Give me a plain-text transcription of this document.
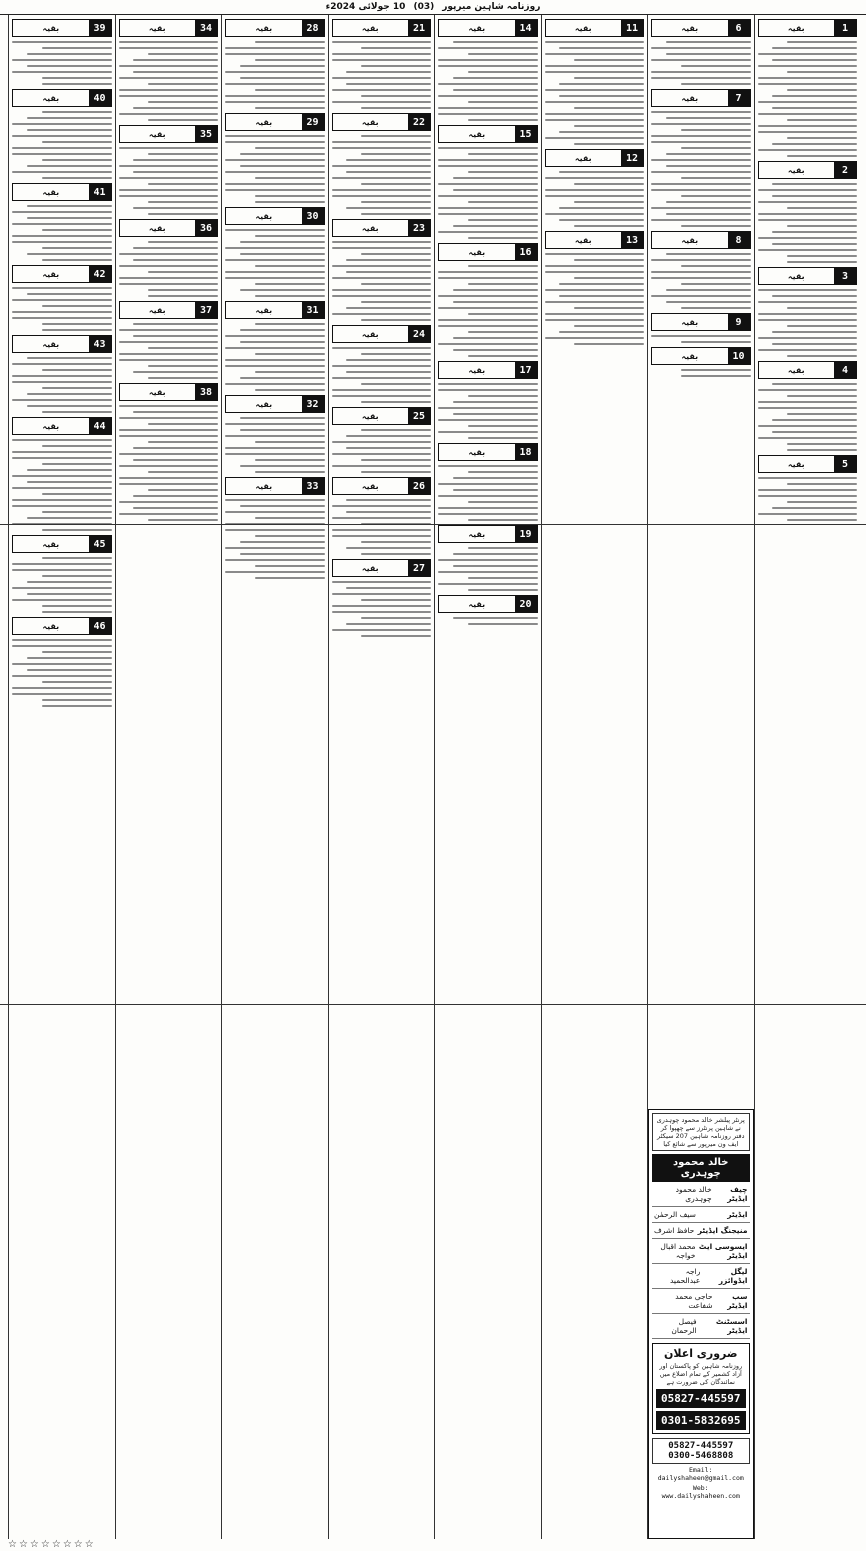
روزنامہ شاہین میرپور
(03)
10 جولائی 2024ء
1
بقیہ
2
بقیہ
3
بقیہ
4
بقیہ
5
بقیہ
6
بقیہ
7
بقیہ
8
بقیہ
9
بقیہ
10
بقیہ
پرنٹر پبلشر خالد محمود چوہدری نے شاہین پرنٹرز سے چھپوا کر دفتر روزنامہ شاہین 207 سیکٹر ایف ون میرپور سے شائع کیا
خالد محمود چوہدری
چیف ایڈیٹر
خالد محمود چوہدری
ایڈیٹر
سیف الرحمٰن
منیجنگ ایڈیٹر
حافظ اشرف
ایسوسی ایٹ ایڈیٹر
محمد اقبال خواجہ
لیگل ایڈوائزر
راجہ عبدالحمید
سب ایڈیٹر
حاجی محمد شفاعت
اسسٹنٹ ایڈیٹر
فیصل الرحمان
ضروری اعلان
روزنامہ شاہین کو پاکستان اور آزاد کشمیر کے تمام اضلاع میں نمائندگان کی ضرورت ہے
05827-445597
0301-5832695
05827-445597
0300-5468808
Email: dailyshaheen@gmail.com
Web: www.dailyshaheen.com
11
بقیہ
12
بقیہ
13
بقیہ
14
بقیہ
15
بقیہ
16
بقیہ
17
بقیہ
18
بقیہ
19
بقیہ
20
بقیہ
21
بقیہ
22
بقیہ
23
بقیہ
24
بقیہ
25
بقیہ
26
بقیہ
27
بقیہ
28
بقیہ
29
بقیہ
30
بقیہ
31
بقیہ
32
بقیہ
33
بقیہ
34
بقیہ
35
بقیہ
36
بقیہ
37
بقیہ
38
بقیہ
39
بقیہ
40
بقیہ
41
بقیہ
42
بقیہ
43
بقیہ
44
بقیہ
45
بقیہ
46
بقیہ
☆☆☆☆☆☆☆☆
